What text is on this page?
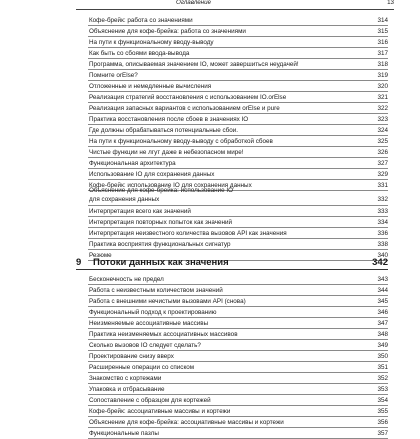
Оглавление	13
Кофе-брейк: работа со значениями	314
Объяснение для кофе-брейка: работа со значениями	315
На пути к функциональному вводу-выводу	316
Как быть со сбоями ввода-вывода	317
Программа, описываемая значением IO, может завершиться неудачей!	318
Помните orElse?	319
Отложенные и немедленные вычисления	320
Реализация стратегий восстановления с использованием IO.orElse	321
Реализация запасных вариантов с использованием orElse и pure	322
Практика восстановления после сбоев в значениях IO	323
Где должны обрабатываться потенциальные сбои.	324
На пути к функциональному вводу-выводу с обработкой сбоев	325
Чистые функции не лгут даже в небезопасном мире!	326
Функциональная архитектура	327
Использование IO для сохранения данных	329
Кофе-брейк: использование IO для сохранения данных	331
Объяснение для кофе-брейка: использование IO
для сохранения данных	332
Интерпретация всего как значений	333
Интерпретация повторных попыток как значений	334
Интерпретация неизвестного количества вызовов API как значения	336
Практика восприятия функциональных сигнатур	338
Резюме	340
9 Потоки данных как значения	342
Бесконечность не предел	343
Работа с неизвестным количеством значений	344
Работа с внешними нечистыми вызовами API (снова)	345
Функциональный подход к проектированию	346
Неизменяемые ассоциативные массивы	347
Практика неизменяемых ассоциативных массивов	348
Сколько вызовов IO следует сделать?	349
Проектирование снизу вверх	350
Расширенные операции со списком	351
Знакомство с кортежами	352
Упаковка и отбрасывание	353
Сопоставление с образцом для кортежей	354
Кофе-брейк: ассоциативные массивы и кортежи	355
Объяснение для кофе-брейка: ассоциативные массивы и кортежи	356
Функциональные пазлы	357
